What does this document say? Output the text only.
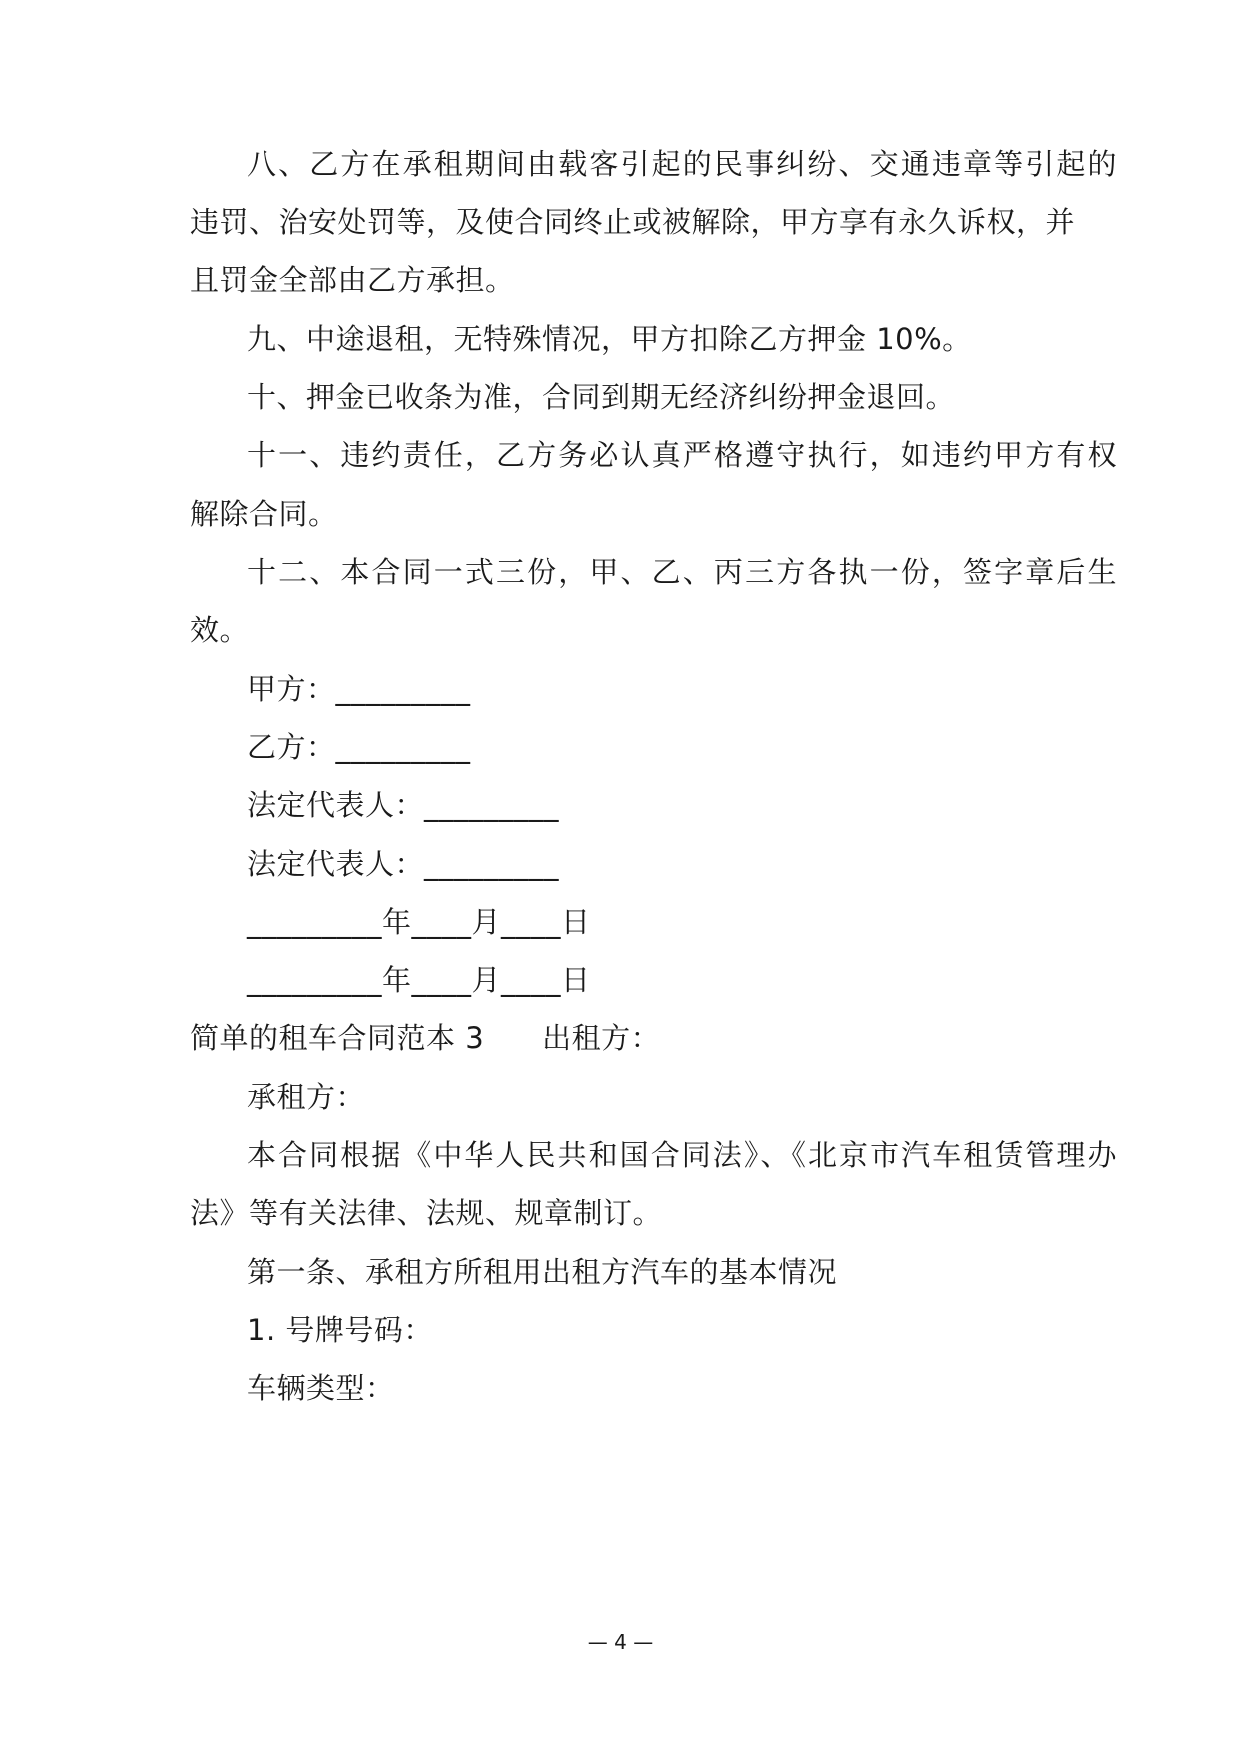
八、乙方在承租期间由载客引起的民事纠纷、交通违章等引起的
违罚、治安处罚等，及使合同终止或被解除，甲方享有永久诉权，并
且罚金全部由乙方承担。
九、中途退租，无特殊情况，甲方扣除乙方押金 10%。
十、押金已收条为准，合同到期无经济纠纷押金退回。
十一、违约责任，乙方务必认真严格遵守执行，如违约甲方有权
解除合同。
十二、本合同一式三份，甲、乙、丙三方各执一份，签字章后生
效。
甲方：_________
乙方：_________
法定代表人：_________
法定代表人：_________
_________年____月____日
_________年____月____日
简单的租车合同范本 3 出租方：
承租方：
本合同根据《中华人民共和国合同法》、《北京市汽车租赁管理办
法》等有关法律、法规、规章制订。
第一条、承租方所租用出租方汽车的基本情况
1. 号牌号码：
车辆类型：
— 4 —
